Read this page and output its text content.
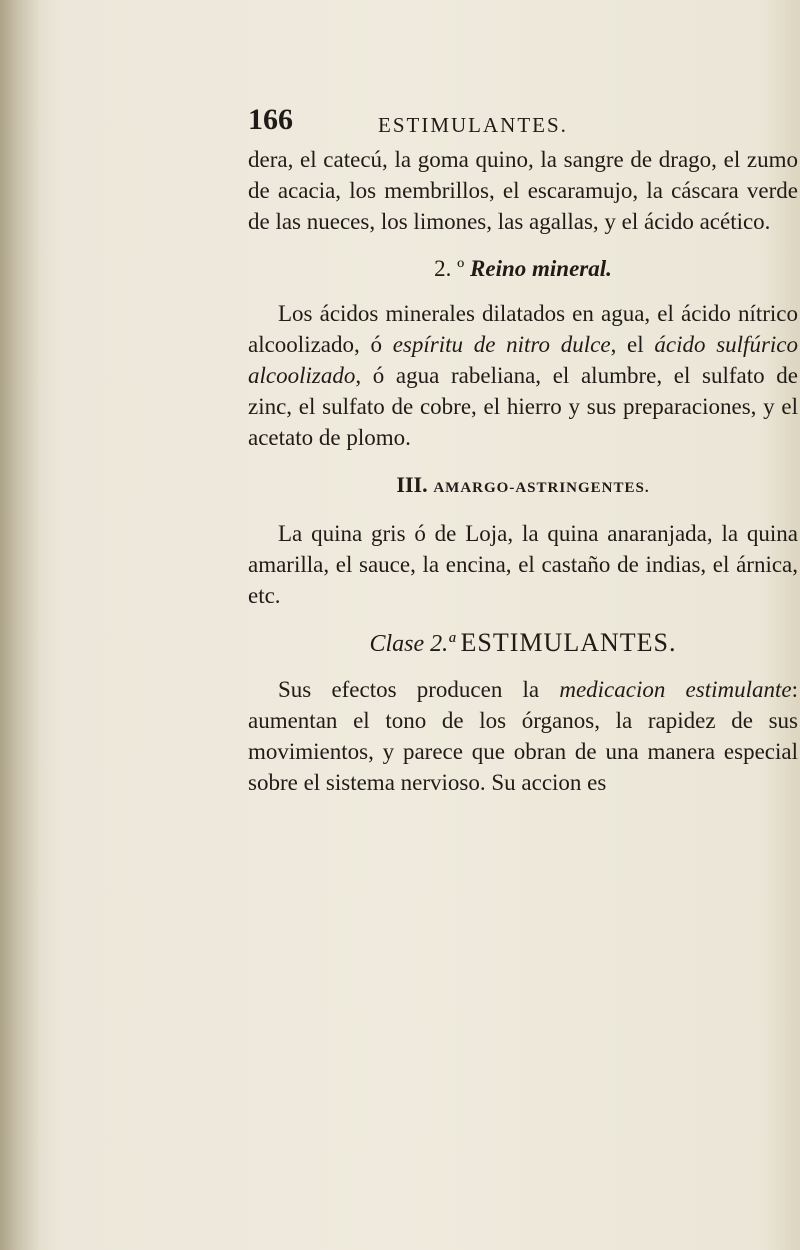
166	ESTIMULANTES.

dera, el catecú, la goma quino, la sangre de drago, el zumo de acacia, los membrillos, el escaramujo, la cáscara verde de las nueces, los limones, las agallas, y el ácido acético.

2. º Reino mineral.

Los ácidos minerales dilatados en agua, el ácido nítrico alcoolizado, ó espíritu de nitro dulce, el ácido sulfúrico alcoolizado, ó agua rabeliana, el alumbre, el sulfato de zinc, el sulfato de cobre, el hierro y sus preparaciones, y el acetato de plomo.

III. AMARGO-ASTRINGENTES.

La quina gris ó de Loja, la quina anaranjada, la quina amarilla, el sauce, la encina, el castaño de indias, el árnica, etc.

Clase 2.ª ESTIMULANTES.

Sus efectos producen la medicacion estimulante: aumentan el tono de los órganos, la rapidez de sus movimientos, y parece que obran de una manera especial sobre el sistema nervioso. Su accion es
